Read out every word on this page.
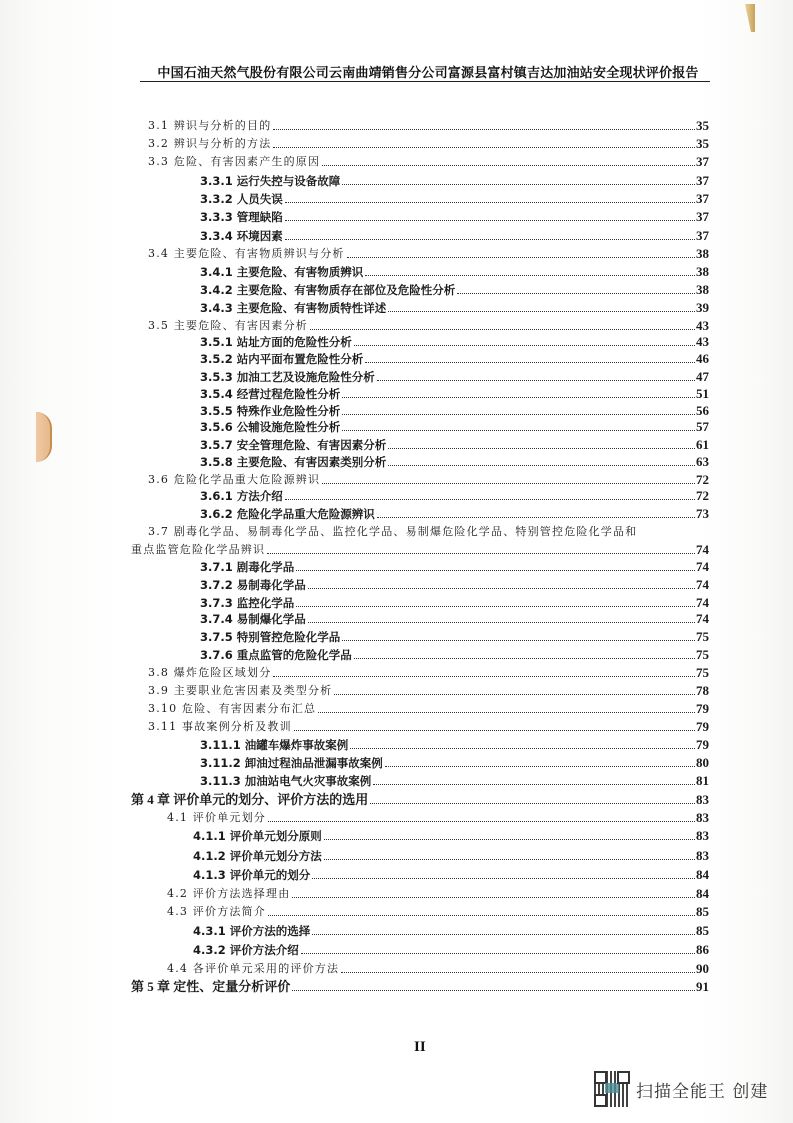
中国石油天然气股份有限公司云南曲靖销售分公司富源县富村镇吉达加油站安全现状评价报告
3.1 辨识与分析的目的	35
3.2 辨识与分析的方法	35
3.3 危险、有害因素产生的原因	37
3.3.1 运行失控与设备故障	37
3.3.2 人员失误	37
3.3.3 管理缺陷	37
3.3.4 环境因素	37
3.4 主要危险、有害物质辨识与分析	38
3.4.1 主要危险、有害物质辨识	38
3.4.2 主要危险、有害物质存在部位及危险性分析	38
3.4.3 主要危险、有害物质特性详述	39
3.5 主要危险、有害因素分析	43
3.5.1 站址方面的危险性分析	43
3.5.2 站内平面布置危险性分析	46
3.5.3 加油工艺及设施危险性分析	47
3.5.4 经营过程危险性分析	51
3.5.5 特殊作业危险性分析	56
3.5.6 公辅设施危险性分析	57
3.5.7 安全管理危险、有害因素分析	61
3.5.8 主要危险、有害因素类别分析	63
3.6 危险化学品重大危险源辨识	72
3.6.1 方法介绍	72
3.6.2 危险化学品重大危险源辨识	73
3.7 剧毒化学品、易制毒化学品、监控化学品、易制爆危险化学品、特别管控危险化学品和
重点监管危险化学品辨识	74
3.7.1 剧毒化学品	74
3.7.2 易制毒化学品	74
3.7.3 监控化学品	74
3.7.4 易制爆化学品	74
3.7.5 特别管控危险化学品	75
3.7.6 重点监管的危险化学品	75
3.8 爆炸危险区域划分	75
3.9 主要职业危害因素及类型分析	78
3.10 危险、有害因素分布汇总	79
3.11 事故案例分析及教训	79
3.11.1 油罐车爆炸事故案例	79
3.11.2 卸油过程油品泄漏事故案例	80
3.11.3 加油站电气火灾事故案例	81
第 4 章 评价单元的划分、评价方法的选用	83
4.1 评价单元划分	83
4.1.1 评价单元划分原则	83
4.1.2 评价单元划分方法	83
4.1.3 评价单元的划分	84
4.2 评价方法选择理由	84
4.3 评价方法简介	85
4.3.1 评价方法的选择	85
4.3.2 评价方法介绍	86
4.4 各评价单元采用的评价方法	90
第 5 章 定性、定量分析评价	91
II
扫描全能王 创建
